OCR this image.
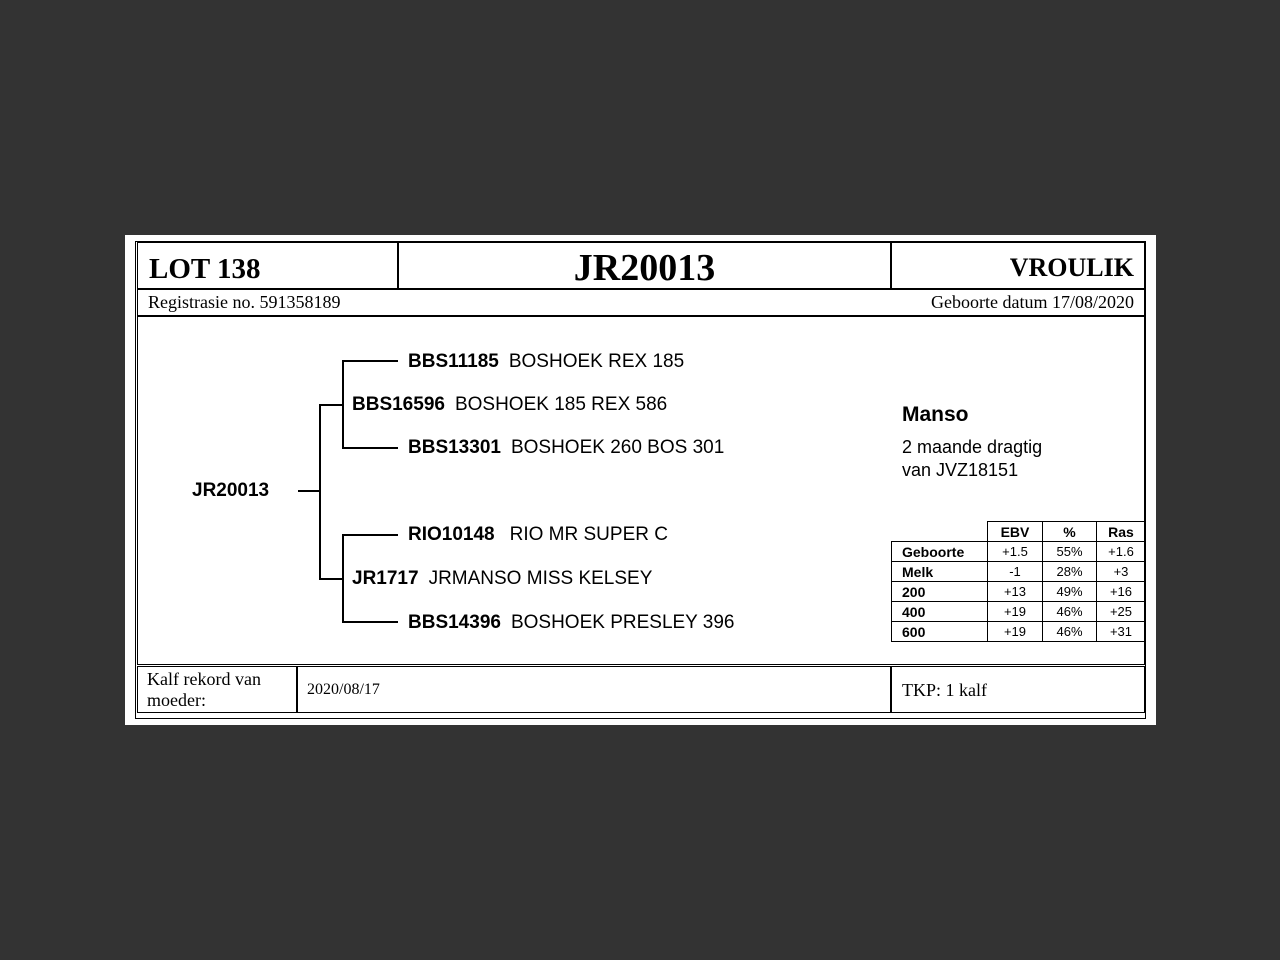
LOT 138	JR20013	VROULIK
Registrasie no. 591358189	Geboorte datum 17/08/2020
JR20013
BBS11185 BOSHOEK REX 185
BBS16596 BOSHOEK 185 REX 586
BBS13301 BOSHOEK 260 BOS 301
RIO10148 RIO MR SUPER C
JR1717 JRMANSO MISS KELSEY
BBS14396 BOSHOEK PRESLEY 396
Manso
2 maande dragtig
van JVZ18151
	EBV	%	Ras
Geboorte	+1.5	55%	+1.6
Melk	-1	28%	+3
200	+13	49%	+16
400	+19	46%	+25
600	+19	46%	+31
Kalf rekord van moeder:
2020/08/17	TKP: 1 kalf
